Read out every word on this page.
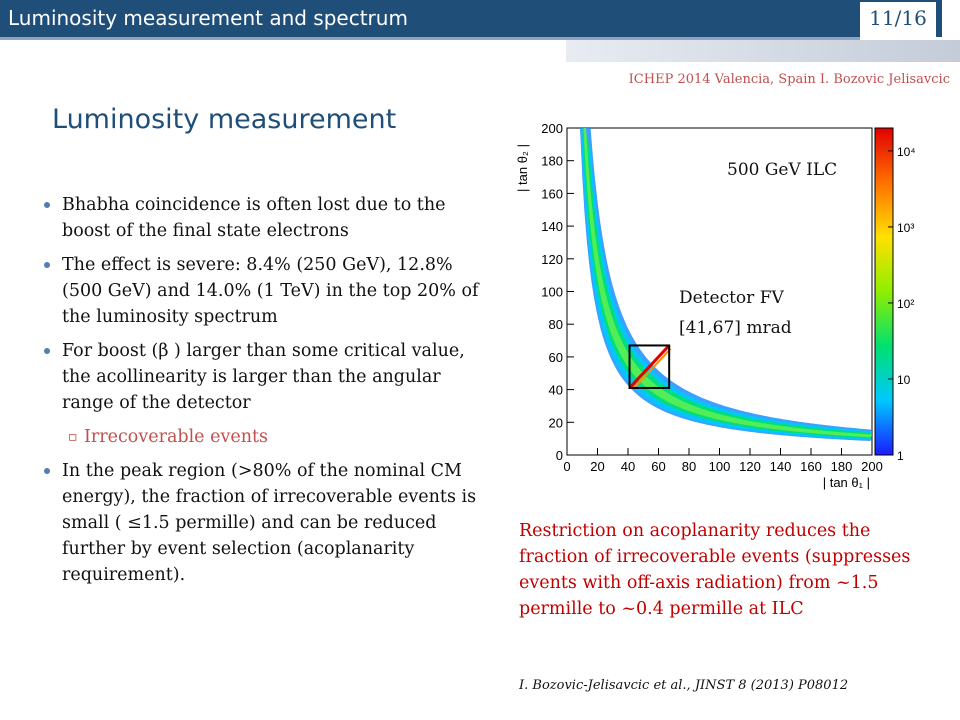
Luminosity measurement and spectrum	11/16
ICHEP 2014 Valencia, Spain I. Bozovic Jelisavcic
Luminosity measurement
Bhabha coincidence is often lost due to the boost of the final state electrons
The effect is severe: 8.4% (250 GeV), 12.8% (500 GeV) and 14.0% (1 TeV) in the top 20% of the luminosity spectrum
For boost (β ) larger than some critical value, the acollinearity is larger than the angular range of the detector
▫ Irrecoverable events
In the peak region (>80% of the nominal CM energy), the fraction of irrecoverable events is small ( ≤1.5 permille) and can be reduced further by event selection (acoplanarity requirement).
0 20 40 60 80 100 120 140 160 180 200
0
20
40
60
80
100
120
140
160
180
200
| tan θ₁ |
| tan θ₂ |
1
10
10²
10³
10⁴
500 GeV ILC
Detector FV
[41,67] mrad
Restriction on acoplanarity reduces the fraction of irrecoverable events (suppresses events with off-axis radiation) from ~1.5 permille to ~0.4 permille at ILC
I. Bozovic-Jelisavcic et al., JINST 8 (2013) P08012
